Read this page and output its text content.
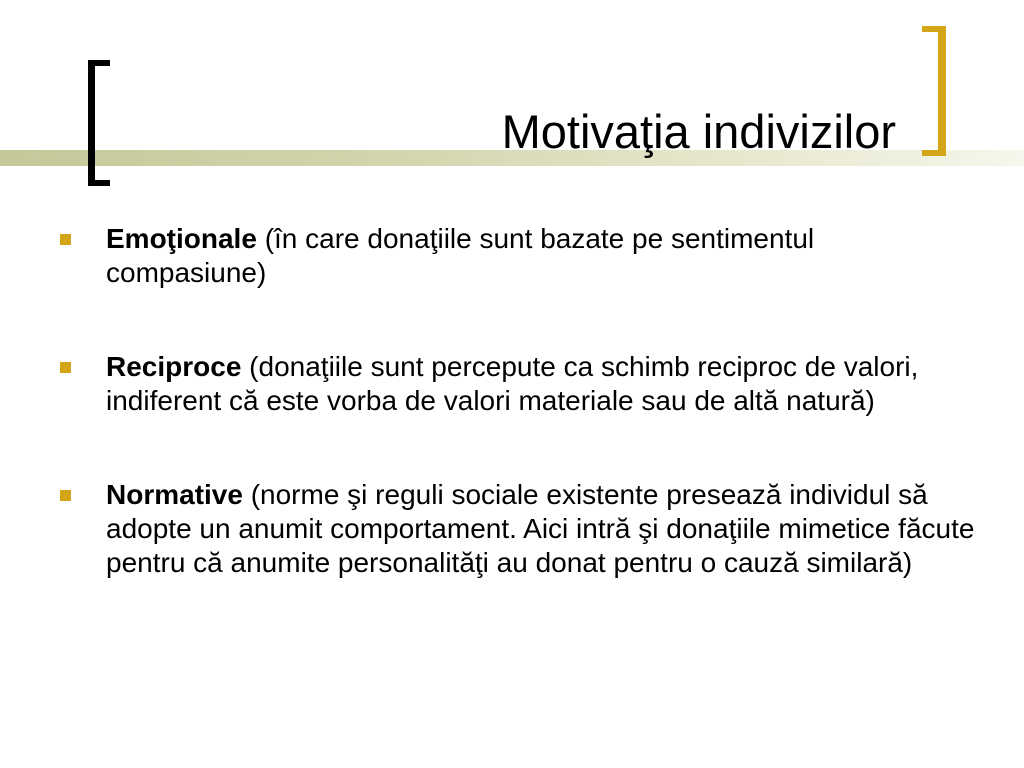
Motivaţia indivizilor
Emoţionale (în care donaţiile sunt bazate pe sentimentul compasiune)
Reciproce (donaţiile sunt percepute ca schimb reciproc de valori, indiferent că este vorba de valori materiale sau de altă natură)
Normative (norme şi reguli sociale existente presează individul să adopte un anumit comportament. Aici intră şi donaţiile mimetice făcute pentru că anumite personalităţi au donat pentru o cauză similară)
